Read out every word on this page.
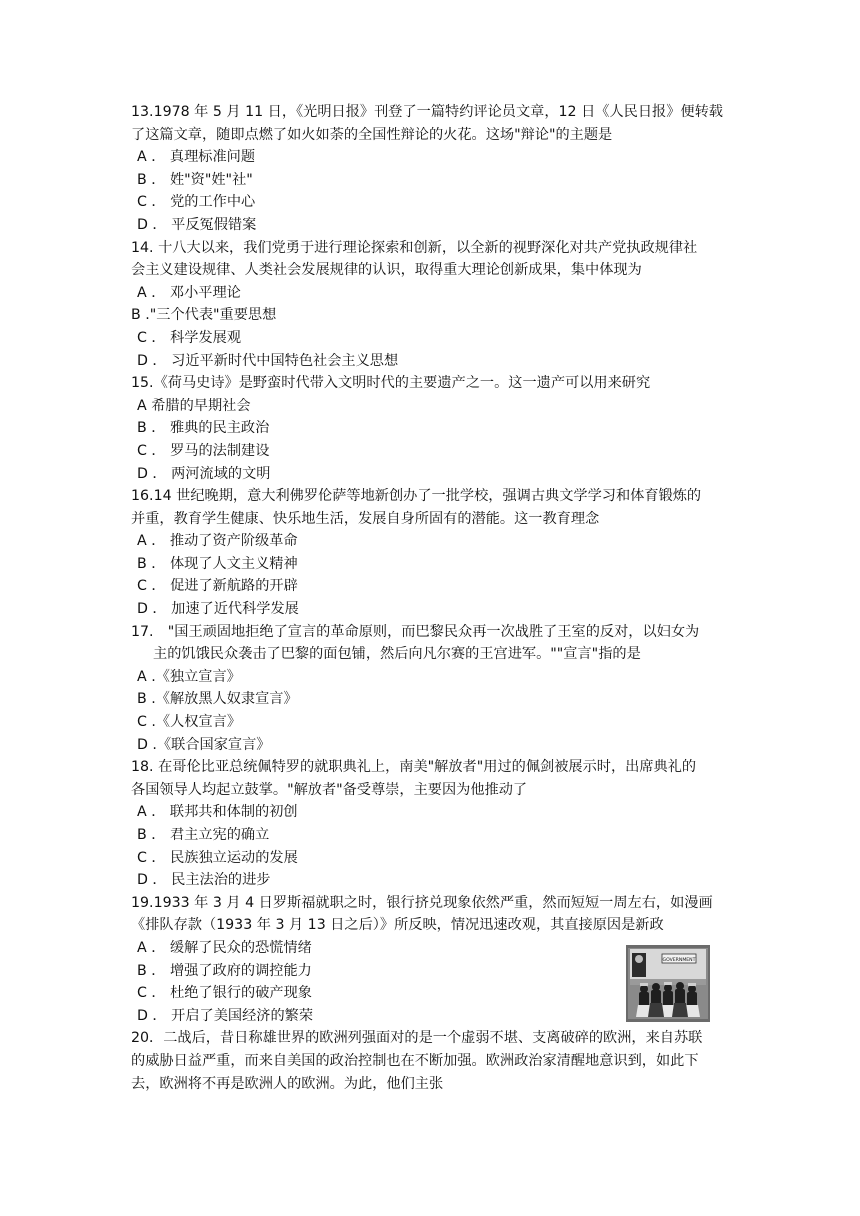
13.1978 年 5 月 11 日，《光明日报》刊登了一篇特约评论员文章，12 日《人民日报》便转载
了这篇文章，随即点燃了如火如荼的全国性辩论的火花。这场"辩论"的主题是
A ． 真理标准问题
B ． 姓"资"姓"社"
C ． 党的工作中心
D ． 平反冤假错案
14. 十八大以来，我们党勇于进行理论探索和创新，以全新的视野深化对共产党执政规律社
会主义建设规律、人类社会发展规律的认识，取得重大理论创新成果，集中体现为
A ． 邓小平理论
B ."三个代表"重要思想
C ． 科学发展观
D ． 习近平新时代中国特色社会主义思想
15.《荷马史诗》是野蛮时代带入文明时代的主要遗产之一。这一遗产可以用来研究
A 希腊的早期社会
B ． 雅典的民主政治
C ． 罗马的法制建设
D ． 两河流域的文明
16.14 世纪晚期，意大利佛罗伦萨等地新创办了一批学校，强调古典文学学习和体育锻炼的
并重，教育学生健康、快乐地生活，发展自身所固有的潜能。这一教育理念
A ． 推动了资产阶级革命
B ． 体现了人文主义精神
C ． 促进了新航路的开辟
D ． 加速了近代科学发展
17.　"国王顽固地拒绝了宣言的革命原则，而巴黎民众再一次战胜了王室的反对，以妇女为
主的饥饿民众袭击了巴黎的面包铺，然后向凡尔赛的王宫进军。""宣言"指的是
A .《独立宣言》
B .《解放黑人奴隶宣言》
C .《人权宣言》
D .《联合国家宣言》
18. 在哥伦比亚总统佩特罗的就职典礼上，南美"解放者"用过的佩剑被展示时，出席典礼的
各国领导人均起立鼓掌。"解放者"备受尊崇，主要因为他推动了
A ． 联邦共和体制的初创
B ． 君主立宪的确立
C ． 民族独立运动的发展
D ． 民主法治的进步
19.1933 年 3 月 4 日罗斯福就职之时，银行挤兑现象依然严重，然而短短一周左右，如漫画
《排队存款（1933 年 3 月 13 日之后）》所反映，情况迅速改观，其直接原因是新政
A ． 缓解了民众的恐慌情绪
B ． 增强了政府的调控能力
C ． 杜绝了银行的破产现象
D ． 开启了美国经济的繁荣
20．二战后，昔日称雄世界的欧洲列强面对的是一个虚弱不堪、支离破碎的欧洲，来自苏联
的威胁日益严重，而来自美国的政治控制也在不断加强。欧洲政治家清醒地意识到，如此下
去，欧洲将不再是欧洲人的欧洲。为此，他们主张
GOVERNMENT
